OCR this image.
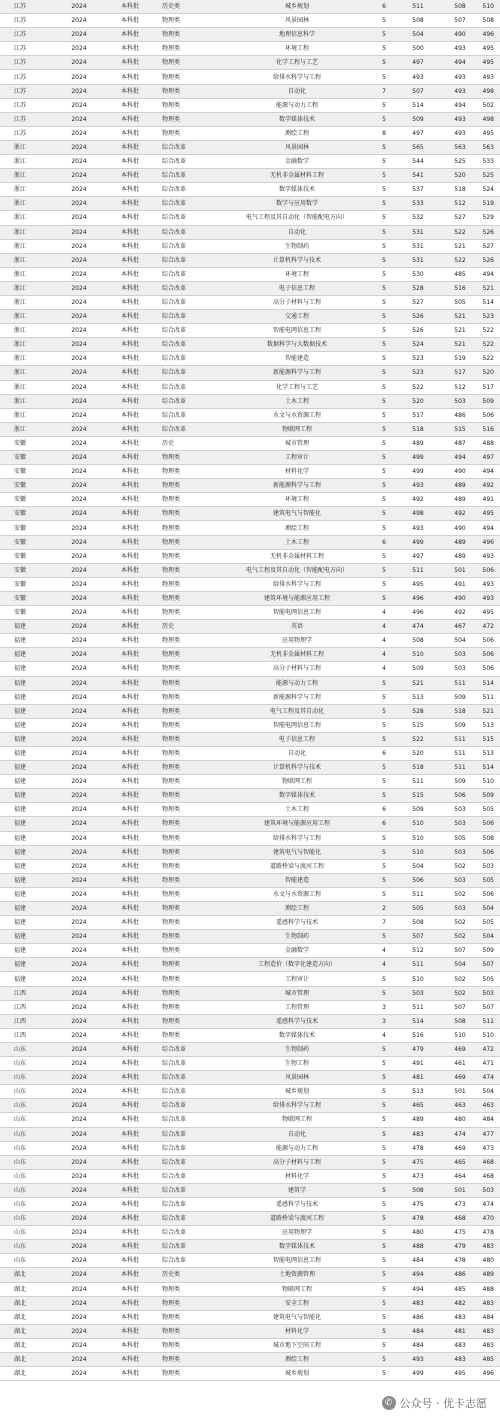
江苏	2024	本科批	历史类	城乡规划	6	511	508	510
江苏	2024	本科批	物理类	风景园林	5	508	507	508
江苏	2024	本科批	物理类	地理信息科学	5	504	490	496
江苏	2024	本科批	物理类	环境工程	5	500	493	495
江苏	2024	本科批	物理类	化学工程与工艺	5	497	494	495
江苏	2024	本科批	物理类	给排水科学与工程	5	493	493	493
江苏	2024	本科批	物理类	自动化	7	507	493	498
江苏	2024	本科批	物理类	能源与动力工程	5	514	494	502
江苏	2024	本科批	物理类	数字媒体技术	5	509	493	498
江苏	2024	本科批	物理类	测绘工程	8	497	493	495
浙江	2024	本科批	综合改革	风景园林	5	565	563	563
浙江	2024	本科批	综合改革	金融数学	5	544	525	533
浙江	2024	本科批	综合改革	无机非金属材料工程	5	541	520	525
浙江	2024	本科批	综合改革	数字媒体技术	5	537	518	524
浙江	2024	本科批	综合改革	数学与应用数学	5	533	512	519
浙江	2024	本科批	综合改革	电气工程及其自动化（智能配电方向）	5	532	527	529
浙江	2024	本科批	综合改革	自动化	5	531	522	526
浙江	2024	本科批	综合改革	生物制药	5	531	521	527
浙江	2024	本科批	综合改革	计算机科学与技术	5	531	522	526
浙江	2024	本科批	综合改革	环境工程	5	530	485	494
浙江	2024	本科批	综合改革	电子信息工程	5	528	516	521
浙江	2024	本科批	综合改革	高分子材料与工程	5	527	505	514
浙江	2024	本科批	综合改革	交通工程	5	526	521	523
浙江	2024	本科批	综合改革	智能电网信息工程	5	526	521	522
浙江	2024	本科批	综合改革	数据科学与大数据技术	5	524	521	522
浙江	2024	本科批	综合改革	智能建造	5	523	519	522
浙江	2024	本科批	综合改革	新能源科学与工程	5	523	517	520
浙江	2024	本科批	综合改革	化学工程与工艺	5	522	512	517
浙江	2024	本科批	综合改革	土木工程	5	520	503	509
浙江	2024	本科批	综合改革	水文与水资源工程	5	517	486	506
浙江	2024	本科批	综合改革	物联网工程	5	518	515	516
安徽	2024	本科批	历史	城市管理	5	489	487	488
安徽	2024	本科批	物理类	工程审计	5	499	494	497
安徽	2024	本科批	物理类	材料化学	5	499	490	494
安徽	2024	本科批	物理类	新能源科学与工程	5	493	489	492
安徽	2024	本科批	物理类	环境工程	5	492	489	491
安徽	2024	本科批	物理类	建筑电气与智能化	5	498	492	495
安徽	2024	本科批	物理类	测绘工程	5	493	490	494
安徽	2024	本科批	物理类	土木工程	6	499	489	496
安徽	2024	本科批	物理类	无机非金属材料工程	5	497	489	493
安徽	2024	本科批	物理类	电气工程及其自动化（智能配电方向）	5	511	501	506
安徽	2024	本科批	物理类	给排水科学与工程	5	495	491	493
安徽	2024	本科批	物理类	建筑环境与能源应用工程	5	496	490	493
安徽	2024	本科批	物理类	智能电网信息工程	4	496	492	495
福建	2024	本科批	历史	英语	4	474	467	472
福建	2024	本科批	物理类	应用物理学	4	508	504	506
福建	2024	本科批	物理类	无机非金属材料工程	4	510	503	506
福建	2024	本科批	物理类	高分子材料与工程	4	509	503	506
福建	2024	本科批	物理类	能源与动力工程	5	521	511	514
福建	2024	本科批	物理类	新能源科学与工程	5	513	509	511
福建	2024	本科批	物理类	电气工程及其自动化	5	528	518	521
福建	2024	本科批	物理类	智能电网信息工程	5	515	509	513
福建	2024	本科批	物理类	电子信息工程	5	522	511	515
福建	2024	本科批	物理类	自动化	6	520	511	513
福建	2024	本科批	物理类	计算机科学与技术	5	518	511	514
福建	2024	本科批	物理类	物联网工程	5	511	509	510
福建	2024	本科批	物理类	数字媒体技术	5	515	506	509
福建	2024	本科批	物理类	土木工程	6	509	503	505
福建	2024	本科批	物理类	建筑环境与能源应用工程	6	510	503	506
福建	2024	本科批	物理类	给排水科学与工程	5	510	505	508
福建	2024	本科批	物理类	建筑电气与智能化	5	510	503	506
福建	2024	本科批	物理类	道路桥梁与渡河工程	5	504	502	503
福建	2024	本科批	物理类	智能建造	5	506	503	505
福建	2024	本科批	物理类	水文与水资源工程	5	511	502	506
福建	2024	本科批	物理类	测绘工程	2	505	503	504
福建	2024	本科批	物理类	遥感科学与技术	7	508	502	505
福建	2024	本科批	物理类	生物制药	5	507	502	504
福建	2024	本科批	物理类	金融数学	4	512	507	509
福建	2024	本科批	物理类	工程造价（数字化建造方向）	4	511	504	507
福建	2024	本科批	物理类	工程审计	5	510	502	505
江西	2024	本科批	物理类	城市管理	5	503	502	503
江西	2024	本科批	物理类	工程管理	3	511	507	507
江西	2024	本科批	物理类	遥感科学与技术	3	514	508	511
江西	2024	本科批	物理类	数字媒体技术	4	516	510	510
山东	2024	本科批	综合改革	生物制药	5	479	469	472
山东	2024	本科批	综合改革	生物工程	5	491	461	471
山东	2024	本科批	综合改革	风景园林	5	481	469	474
山东	2024	本科批	综合改革	城乡规划	5	513	501	504
山东	2024	本科批	综合改革	给排水科学与工程	5	465	463	463
山东	2024	本科批	综合改革	物联网工程	5	489	480	484
山东	2024	本科批	综合改革	自动化	5	483	474	477
山东	2024	本科批	综合改革	能源与动力工程	5	478	469	473
山东	2024	本科批	综合改革	高分子材料与工程	5	475	465	468
山东	2024	本科批	综合改革	材料化学	5	473	464	468
山东	2024	本科批	综合改革	建筑学	5	508	501	503
山东	2024	本科批	综合改革	遥感科学与技术	5	475	473	474
山东	2024	本科批	综合改革	道路桥梁与渡河工程	5	478	468	470
山东	2024	本科批	综合改革	应用物理学	5	480	475	478
山东	2024	本科批	综合改革	数字媒体技术	5	488	479	483
山东	2024	本科批	综合改革	智能电网信息工程	5	484	478	480
湖北	2024	本科批	历史类	土地资源管理	5	494	486	489
湖北	2024	本科批	物理类	物联网工程	5	494	485	488
湖北	2024	本科批	物理类	安全工程	5	483	482	483
湖北	2024	本科批	物理类	建筑电气与智能化	5	486	483	484
湖北	2024	本科批	物理类	材料化学	5	484	481	483
湖北	2024	本科批	物理类	城市地下空间工程	5	484	483	483
湖北	2024	本科批	物理类	测绘工程	5	493	483	485
湖北	2024	本科批	物理类	城乡规划	5	499	495	496
✆ 公众号 · 优卡志愿
